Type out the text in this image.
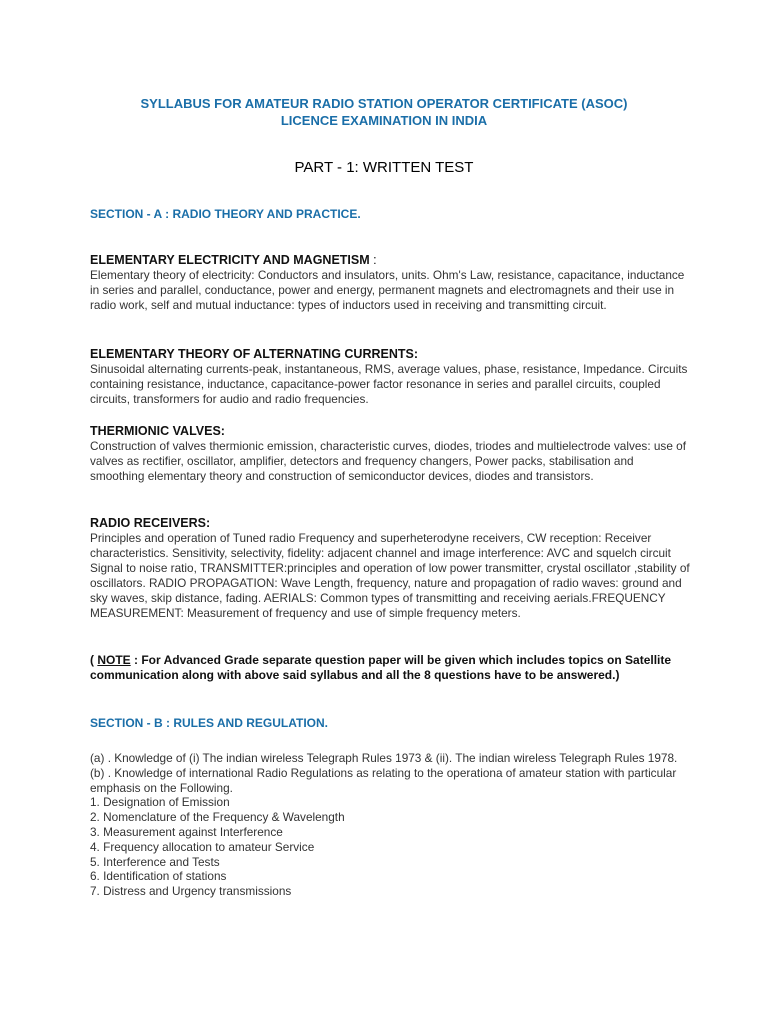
SYLLABUS FOR AMATEUR RADIO STATION OPERATOR CERTIFICATE (ASOC)
LICENCE EXAMINATION IN INDIA
PART - 1: WRITTEN TEST
SECTION - A : RADIO THEORY AND PRACTICE.
ELEMENTARY ELECTRICITY AND MAGNETISM :
Elementary theory of electricity: Conductors and insulators, units. Ohm's Law, resistance, capacitance, inductance in series and parallel, conductance, power and energy, permanent magnets and electromagnets and their use in radio work, self and mutual inductance: types of inductors used in receiving and transmitting circuit.
ELEMENTARY THEORY OF ALTERNATING CURRENTS:
Sinusoidal alternating currents-peak, instantaneous, RMS, average values, phase, resistance, Impedance. Circuits containing resistance, inductance, capacitance-power factor resonance in series and parallel circuits, coupled circuits, transformers for audio and radio frequencies.
THERMIONIC VALVES:
Construction of valves thermionic emission, characteristic curves, diodes, triodes and multielectrode valves: use of valves as rectifier, oscillator, amplifier, detectors and frequency changers, Power packs, stabilisation and smoothing elementary theory and construction of semiconductor devices, diodes and transistors.
RADIO RECEIVERS:
Principles and operation of Tuned radio Frequency and superheterodyne receivers, CW reception: Receiver characteristics. Sensitivity, selectivity, fidelity: adjacent channel and image interference: AVC and squelch circuit Signal to noise ratio, TRANSMITTER:principles and operation of low power transmitter, crystal oscillator ,stability of oscillators. RADIO PROPAGATION: Wave Length, frequency, nature and propagation of radio waves: ground and sky waves, skip distance, fading. AERIALS: Common types of transmitting and receiving aerials.FREQUENCY MEASUREMENT: Measurement of frequency and use of simple frequency meters.
( NOTE : For Advanced Grade separate question paper will be given which includes topics on Satellite communication along with above said syllabus and all the 8 questions have to be answered.)
SECTION - B : RULES AND REGULATION.
(a) . Knowledge of (i) The indian wireless Telegraph Rules 1973 & (ii). The indian wireless Telegraph Rules 1978.
(b) . Knowledge of international Radio Regulations as relating to the operationa of amateur station with particular emphasis on the Following.
1. Designation of Emission
2. Nomenclature of the Frequency & Wavelength
3. Measurement against Interference
4. Frequency allocation to amateur Service
5. Interference and Tests
6. Identification of stations
7. Distress and Urgency transmissions
